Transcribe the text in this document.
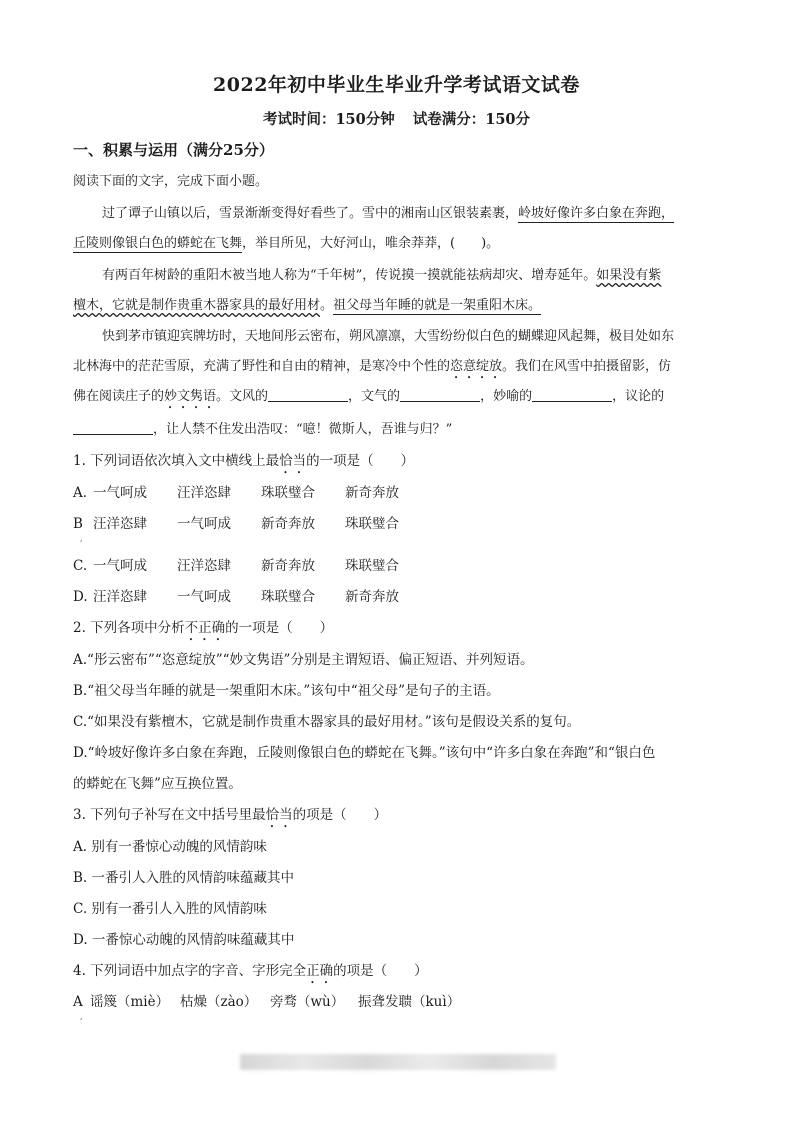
2022年初中毕业生毕业升学考试语文试卷
考试时间：150分钟 试卷满分：150分
一、积累与运用（满分25分）
阅读下面的文字，完成下面小题。
过了谭子山镇以后，雪景渐渐变得好看些了。雪中的湘南山区银装素裹，岭坡好像许多白象在奔跑，
丘陵则像银白色的蟒蛇在飞舞，举目所见，大好河山，唯余莽莽，(　　)。
有两百年树龄的重阳木被当地人称为“千年树”，传说摸一摸就能祛病却灾、增寿延年。如果没有紫
檀木，它就是制作贵重木器家具的最好用材。祖父母当年睡的就是一架重阳木床。
快到茅市镇迎宾牌坊时，天地间彤云密布，朔风凛凛，大雪纷纷似白色的蝴蝶迎风起舞，极目处如东
北林海中的茫茫雪原，充满了野性和自由的精神，是寒冷中个性的恣意绽放。我们在风雪中拍摄留影，仿
佛在阅读庄子的妙文隽语。文风的	，文气的	，妙喻的	，议论的
，让人禁不住发出浩叹：“噫！微斯人，吾谁与归？”
1. 下列词语依次填入文中横线上最恰当的一项是（　　）
A. 一气呵成 汪洋恣肆 珠联璧合 新奇奔放
B 汪洋恣肆 一气呵成 新奇奔放 珠联璧合
,
C. 一气呵成 汪洋恣肆 新奇奔放 珠联璧合
D. 汪洋恣肆 一气呵成 珠联璧合 新奇奔放
2. 下列各项中分析不正确的一项是（　　）
A.“彤云密布”“恣意绽放”“妙文隽语”分别是主谓短语、偏正短语、并列短语。
B.“祖父母当年睡的就是一架重阳木床。”该句中“祖父母”是句子的主语。
C.“如果没有紫檀木，它就是制作贵重木器家具的最好用材。”该句是假设关系的复句。
D.“岭坡好像许多白象在奔跑，丘陵则像银白色的蟒蛇在飞舞。”该句中“许多白象在奔跑”和“银白色
的蟒蛇在飞舞”应互换位置。
3. 下列句子补写在文中括号里最恰当的项是（　　）
A. 别有一番惊心动魄的风情韵味
B. 一番引人入胜的风情韵味蕴藏其中
C. 别有一番引人入胜的风情韵味
D. 一番惊心动魄的风情韵味蕴藏其中
4. 下列词语中加点字的字音、字形完全正确的项是（　　）
A 谣篾（miè） 枯燥（zào） 旁骛（wù） 振聋发聩（kuì）
,
